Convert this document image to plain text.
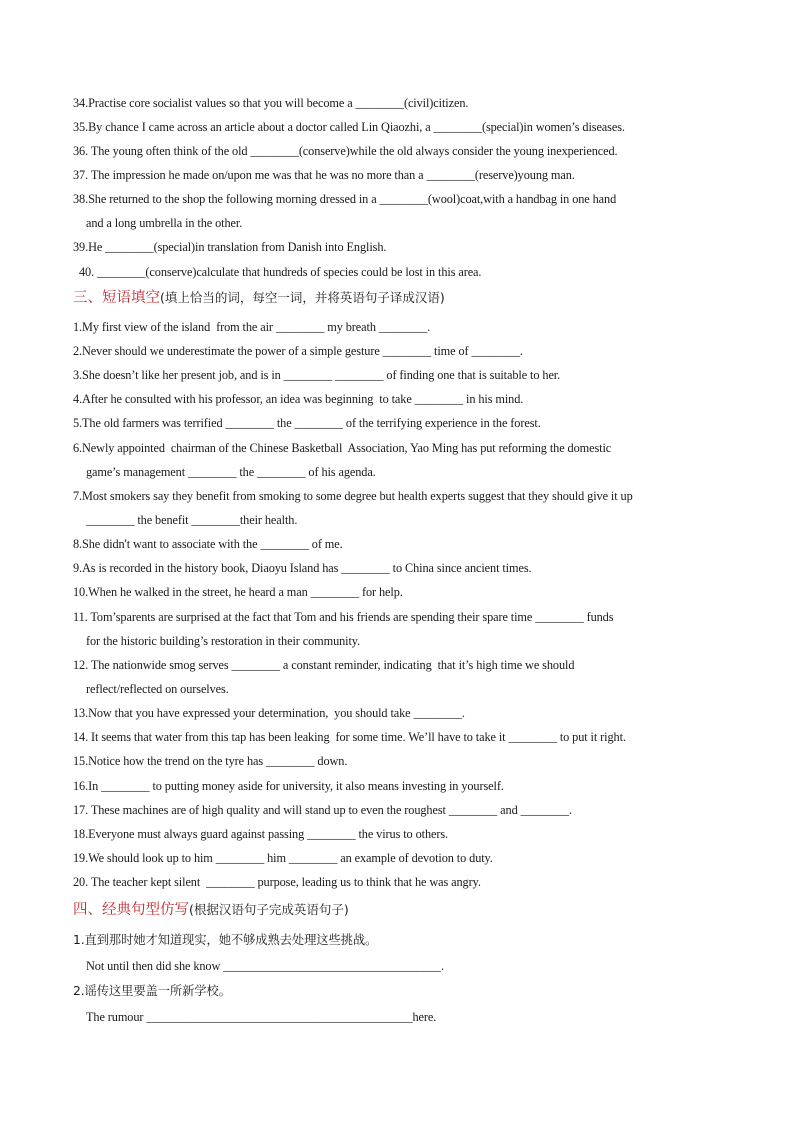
34.Practise core socialist values so that you will become a ________(civil)citizen.
35.By chance I came across an article about a doctor called Lin Qiaozhi, a ________(special)in women’s diseases.
36. The young often think of the old ________(conserve)while the old always consider the young inexperienced.
37. The impression he made on/upon me was that he was no more than a ________(reserve)young man.
38.She returned to the shop the following morning dressed in a ________(wool)coat,with a handbag in one hand
and a long umbrella in the other.
39.He ________(special)in translation from Danish into English.
40. ________(conserve)calculate that hundreds of species could be lost in this area.
三、短语填空(填上恰当的词，每空一词，并将英语句子译成汉语)
1.My first view of the island  from the air ________ my breath ________.
2.Never should we underestimate the power of a simple gesture ________ time of ________.
3.She doesn’t like her present job, and is in ________ ________ of finding one that is suitable to her.
4.After he consulted with his professor, an idea was beginning  to take ________ in his mind.
5.The old farmers was terrified ________ the ________ of the terrifying experience in the forest.
6.Newly appointed  chairman of the Chinese Basketball  Association, Yao Ming has put reforming the domestic
game’s management ________ the ________ of his agenda.
7.Most smokers say they benefit from smoking to some degree but health experts suggest that they should give it up
________ the benefit ________their health.
8.She didn't want to associate with the ________ of me.
9.As is recorded in the history book, Diaoyu Island has ________ to China since ancient times.
10.When he walked in the street, he heard a man ________ for help.
11. Tom’sparents are surprised at the fact that Tom and his friends are spending their spare time ________ funds
for the historic building’s restoration in their community.
12. The nationwide smog serves ________ a constant reminder, indicating  that it’s high time we should
reflect/reflected on ourselves.
13.Now that you have expressed your determination,  you should take ________.
14. It seems that water from this tap has been leaking  for some time. We’ll have to take it ________ to put it right.
15.Notice how the trend on the tyre has ________ down.
16.In ________ to putting money aside for university, it also means investing in yourself.
17. These machines are of high quality and will stand up to even the roughest ________ and ________.
18.Everyone must always guard against passing ________ the virus to others.
19.We should look up to him ________ him ________ an example of devotion to duty.
20. The teacher kept silent  ________ purpose, leading us to think that he was angry.
四、经典句型仿写(根据汉语句子完成英语句子)
1.直到那时她才知道现实，她不够成熟去处理这些挑战。
Not until then did she know ____________________________________.
2.谣传这里要盖一所新学校。
The rumour ____________________________________________here.
